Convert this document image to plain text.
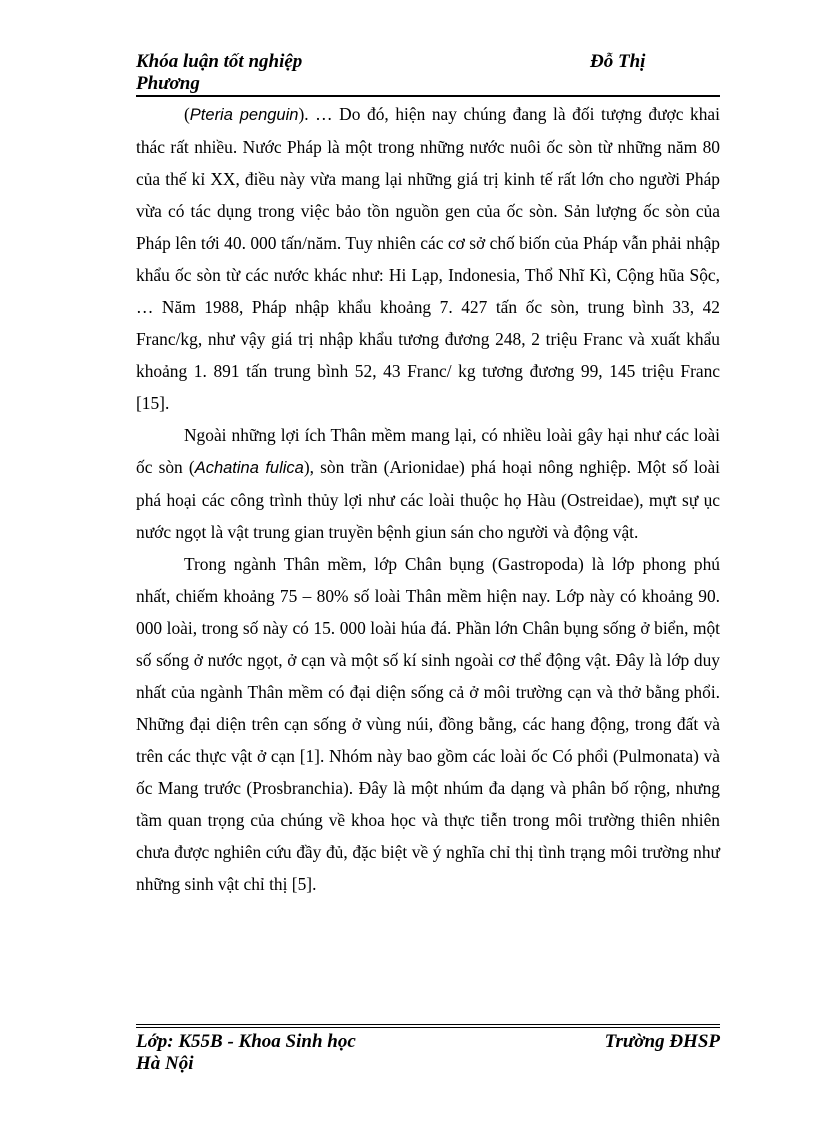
Khóa luận tốt nghiệp	Đỗ Thị
Phương

(Pteria penguin). … Do đó, hiện nay chúng đang là đối tượng được khai thác rất nhiều. Nước Pháp là một trong những nước nuôi ốc sòn từ những năm 80 của thế kỉ XX, điều này vừa mang lại những giá trị kinh tế rất lớn cho người Pháp vừa có tác dụng trong việc bảo tồn nguồn gen của ốc sòn. Sản lượng ốc sòn của Pháp lên tới 40. 000 tấn/năm. Tuy nhiên các cơ sở chố biốn của Pháp vẫn phải nhập khẩu ốc sòn từ các nước khác như: Hi Lạp, Indonesia, Thổ Nhĩ Kì, Cộng hũa Sộc, … Năm 1988, Pháp nhập khẩu khoảng 7. 427 tấn ốc sòn, trung bình 33, 42 Franc/kg, như vậy giá trị nhập khẩu tương đương 248, 2 triệu Franc và xuất khẩu khoảng 1. 891 tấn trung bình 52, 43 Franc/ kg tương đương 99, 145 triệu Franc [15].

Ngoài những lợi ích Thân mềm mang lại, có nhiều loài gây hại như các loài ốc sòn (Achatina fulica), sòn trần (Arionidae) phá hoại nông nghiệp. Một số loài phá hoại các công trình thủy lợi như các loài thuộc họ Hàu (Ostreidae), mựt sự ục nước ngọt là vật trung gian truyền bệnh giun sán cho người và động vật.

Trong ngành Thân mềm, lớp Chân bụng (Gastropoda) là lớp phong phú nhất, chiếm khoảng 75 – 80% số loài Thân mềm hiện nay. Lớp này có khoảng 90. 000 loài, trong số này có 15. 000 loài húa đá. Phần lớn Chân bụng sống ở biển, một số sống ở nước ngọt, ở cạn và một số kí sinh ngoài cơ thể động vật. Đây là lớp duy nhất của ngành Thân mềm có đại diện sống cả ở môi trường cạn và thở bằng phổi. Những đại diện trên cạn sống ở vùng núi, đồng bằng, các hang động, trong đất và trên các thực vật ở cạn [1]. Nhóm này bao gồm các loài ốc Có phổi (Pulmonata) và ốc Mang trước (Prosbranchia). Đây là một nhúm đa dạng và phân bố rộng, nhưng tầm quan trọng của chúng về khoa học và thực tiễn trong môi trường thiên nhiên chưa được nghiên cứu đầy đủ, đặc biệt về ý nghĩa chỉ thị tình trạng môi trường như những sinh vật chỉ thị [5].

Lớp: K55B - Khoa Sinh học	Trường ĐHSP
Hà Nội
